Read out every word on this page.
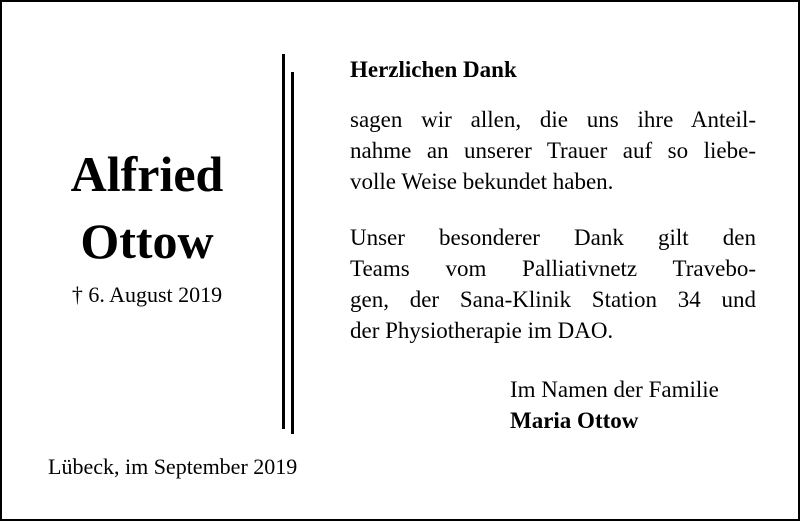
Alfried
Ottow
† 6. August 2019
Lübeck, im September 2019
Herzlichen Dank
sagen wir allen, die uns ihre Anteil-
nahme an unserer Trauer auf so liebe-
volle Weise bekundet haben.
Unser besonderer Dank gilt den
Teams vom Palliativnetz Travebo-
gen, der Sana-Klinik Station 34 und
der Physiotherapie im DAO.
Im Namen der Familie
Maria Ottow
